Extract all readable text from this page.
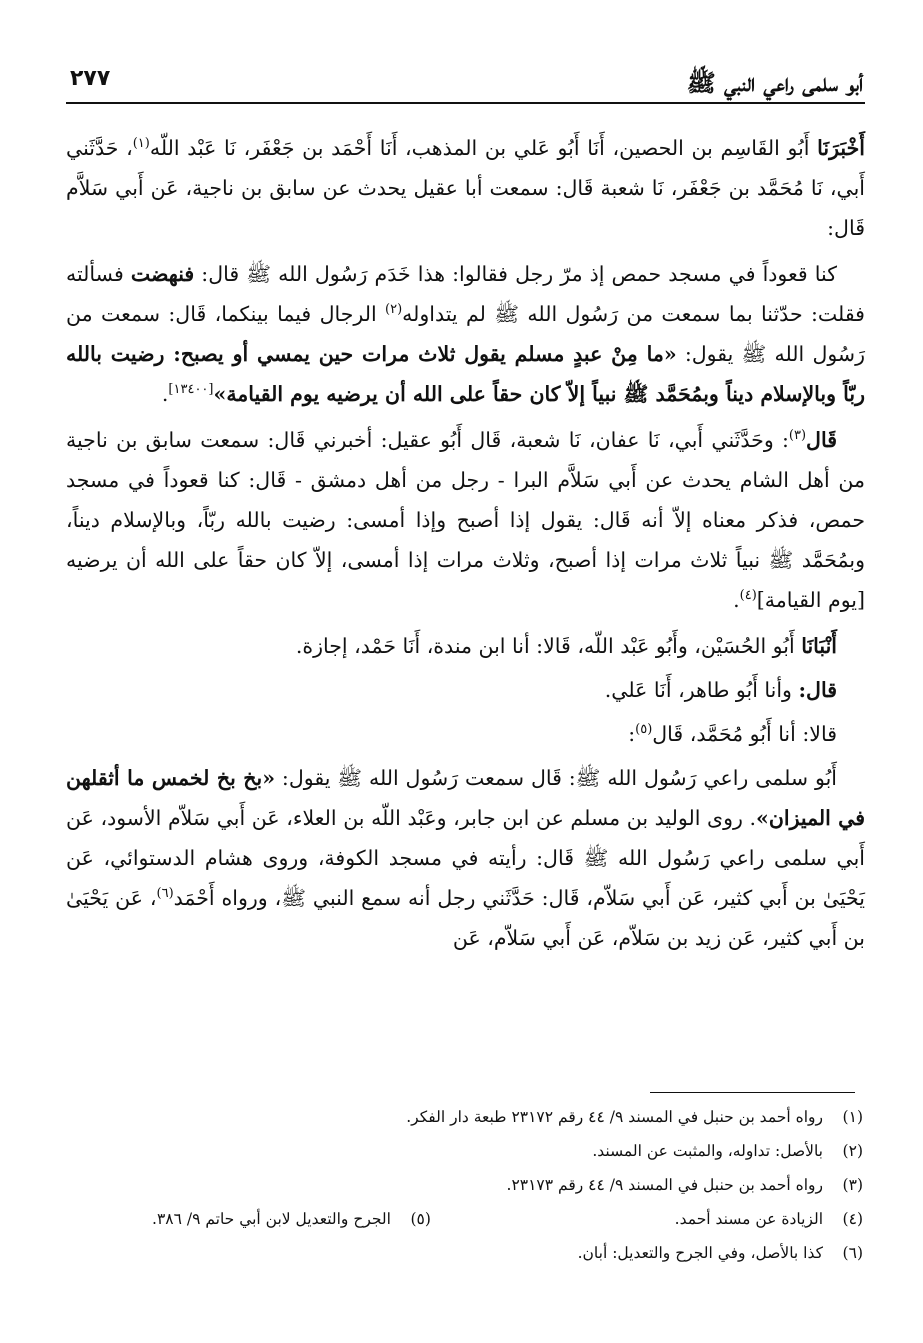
أبو سلمى راعي النبي ﷺ
٢٧٧

أَخْبَرَنَا أَبُو القَاسِم بن الحصين، أَنَا أَبُو عَلي بن المذهب، أَنَا أَحْمَد بن جَعْفَر، نَا عَبْد اللّه$^{(١)}$، حَدَّثَني أَبي، نَا مُحَمَّد بن جَعْفَر، نَا شعبة قَال: سمعت أبا عقيل يحدث عن سابق بن ناجية، عَن أَبي سَلاَّم قَال:

كنا قعوداً في مسجد حمص إذ مرّ رجل فقالوا: هذا خَدَم رَسُول الله ﷺ قال: فنهضت فسألته فقلت: حدّثنا بما سمعت من رَسُول الله ﷺ لم يتداوله$^{(٢)}$ الرجال فيما بينكما، قَال: سمعت من رَسُول الله ﷺ يقول: «ما مِنْ عبدٍ مسلم يقول ثلاث مرات حين يمسي أو يصبح: رضيت بالله ربّاً وبالإسلام ديناً وبمُحَمَّد ﷺ نبياً إلاّ كان حقاً على الله أن يرضيه يوم القيامة»[١٣٤٠٠].

قَال$^{(٣)}$: وحَدَّثَني أَبي، نَا عفان، نَا شعبة، قَال أَبُو عقيل: أخبرني قَال: سمعت سابق بن ناجية من أهل الشام يحدث عن أَبي سَلاَّم البرا - رجل من أهل دمشق - قَال: كنا قعوداً في مسجد حمص، فذكر معناه إلاّ أنه قَال: يقول إذا أصبح وإذا أمسى: رضيت بالله ربّاً، وبالإسلام ديناً، وبمُحَمَّد ﷺ نبياً ثلاث مرات إذا أصبح، وثلاث مرات إذا أمسى، إلاّ كان حقاً على الله أن يرضيه [يوم القيامة]$^{(٤)}$.

أَنْبَانَا أَبُو الحُسَيْن، وأَبُو عَبْد اللّه، قَالا: أنا ابن مندة، أَنَا حَمْد، إجازة.

قال: وأنا أَبُو طاهر، أَنَا عَلي.

قالا: أنا أَبُو مُحَمَّد، قَال$^{(٥)}$:

أَبُو سلمى راعي رَسُول الله ﷺ: قَال سمعت رَسُول الله ﷺ يقول: «بخ بخ لخمس ما أثقلهن في الميزان». روى الوليد بن مسلم عن ابن جابر، وعَبْد اللّه بن العلاء، عَن أَبي سَلاّم الأسود، عَن أَبي سلمى راعي رَسُول الله ﷺ قَال: رأيته في مسجد الكوفة، وروى هشام الدستوائي، عَن يَحْيَىٰ بن أَبي كثير، عَن أَبي سَلاّم، قَال: حَدَّثَني رجل أنه سمع النبي ﷺ، ورواه أَحْمَد$^{(٦)}$، عَن يَحْيَىٰ بن أَبي كثير، عَن زيد بن سَلاّم، عَن أَبي سَلاّم، عَن

(١)رواه أحمد بن حنبل في المسند ٩/ ٤٤ رقم ٢٣١٧٢ طبعة دار الفكر.
(٢)بالأصل: تداوله، والمثبت عن المسند.
(٣)رواه أحمد بن حنبل في المسند ٩/ ٤٤ رقم ٢٣١٧٣.
(٤)الزيادة عن مسند أحمد.
(٥)الجرح والتعديل لابن أبي حاتم ٩/ ٣٨٦.
(٦)كذا بالأصل، وفي الجرح والتعديل: أبان.
